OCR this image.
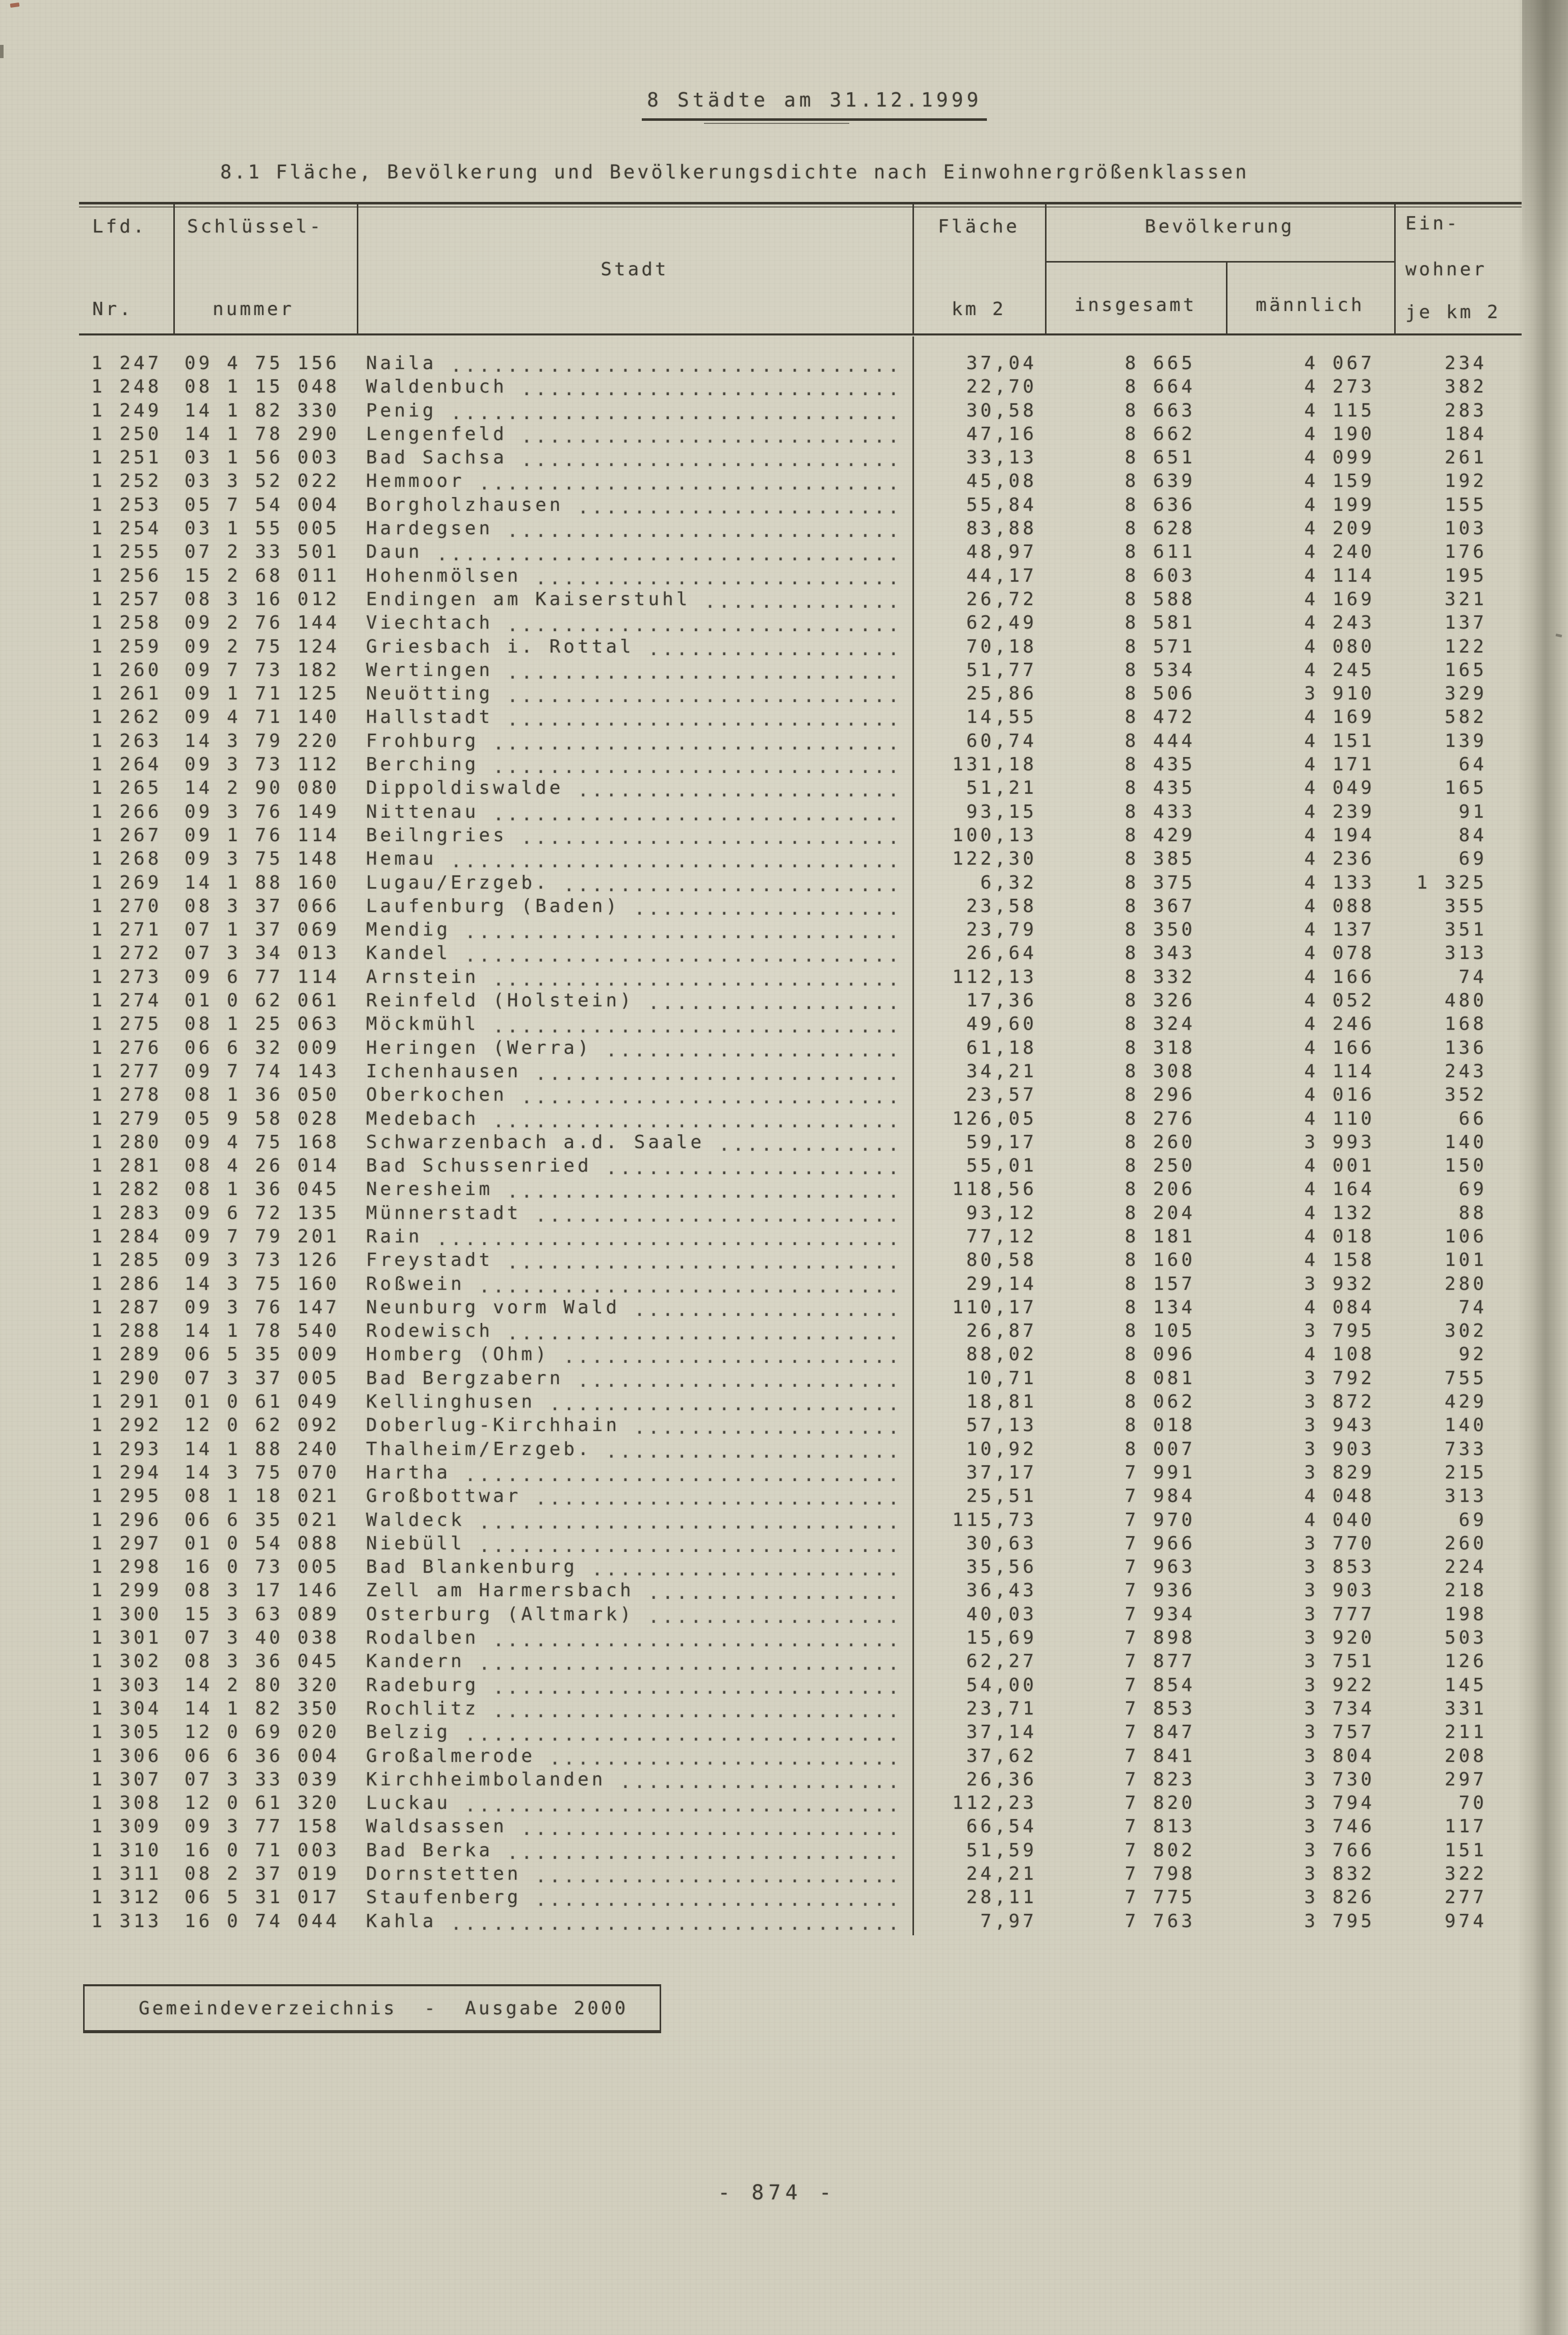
8 Städte am 31.12.1999

8.1 Fläche, Bevölkerung und Bevölkerungsdichte nach Einwohnergrößenklassen
Lfd.
Nr.
Schlüssel-
nummer
Stadt
Fläche
km 2
Bevölkerung
insgesamt	männlich
Ein-
wohner
je km 2
1 247	09 4 75 156	Naila ................................	37,04	8 665	4 067	234
1 248	08 1 15 048	Waldenbuch ...........................	22,70	8 664	4 273	382
1 249	14 1 82 330	Penig ................................	30,58	8 663	4 115	283
1 250	14 1 78 290	Lengenfeld ...........................	47,16	8 662	4 190	184
1 251	03 1 56 003	Bad Sachsa ...........................	33,13	8 651	4 099	261
1 252	03 3 52 022	Hemmoor ..............................	45,08	8 639	4 159	192
1 253	05 7 54 004	Borgholzhausen .......................	55,84	8 636	4 199	155
1 254	03 1 55 005	Hardegsen ............................	83,88	8 628	4 209	103
1 255	07 2 33 501	Daun .................................	48,97	8 611	4 240	176
1 256	15 2 68 011	Hohenmölsen ..........................	44,17	8 603	4 114	195
1 257	08 3 16 012	Endingen am Kaiserstuhl ..............	26,72	8 588	4 169	321
1 258	09 2 76 144	Viechtach ............................	62,49	8 581	4 243	137
1 259	09 2 75 124	Griesbach i. Rottal ..................	70,18	8 571	4 080	122
1 260	09 7 73 182	Wertingen ............................	51,77	8 534	4 245	165
1 261	09 1 71 125	Neuötting ............................	25,86	8 506	3 910	329
1 262	09 4 71 140	Hallstadt ............................	14,55	8 472	4 169	582
1 263	14 3 79 220	Frohburg .............................	60,74	8 444	4 151	139
1 264	09 3 73 112	Berching .............................	131,18	8 435	4 171	64
1 265	14 2 90 080	Dippoldiswalde .......................	51,21	8 435	4 049	165
1 266	09 3 76 149	Nittenau .............................	93,15	8 433	4 239	91
1 267	09 1 76 114	Beilngries ...........................	100,13	8 429	4 194	84
1 268	09 3 75 148	Hemau ................................	122,30	8 385	4 236	69
1 269	14 1 88 160	Lugau/Erzgeb. ........................	6,32	8 375	4 133	1 325
1 270	08 3 37 066	Laufenburg (Baden) ...................	23,58	8 367	4 088	355
1 271	07 1 37 069	Mendig ...............................	23,79	8 350	4 137	351
1 272	07 3 34 013	Kandel ...............................	26,64	8 343	4 078	313
1 273	09 6 77 114	Arnstein .............................	112,13	8 332	4 166	74
1 274	01 0 62 061	Reinfeld (Holstein) ..................	17,36	8 326	4 052	480
1 275	08 1 25 063	Möckmühl .............................	49,60	8 324	4 246	168
1 276	06 6 32 009	Heringen (Werra) .....................	61,18	8 318	4 166	136
1 277	09 7 74 143	Ichenhausen ..........................	34,21	8 308	4 114	243
1 278	08 1 36 050	Oberkochen ...........................	23,57	8 296	4 016	352
1 279	05 9 58 028	Medebach .............................	126,05	8 276	4 110	66
1 280	09 4 75 168	Schwarzenbach a.d. Saale .............	59,17	8 260	3 993	140
1 281	08 4 26 014	Bad Schussenried .....................	55,01	8 250	4 001	150
1 282	08 1 36 045	Neresheim ............................	118,56	8 206	4 164	69
1 283	09 6 72 135	Münnerstadt ..........................	93,12	8 204	4 132	88
1 284	09 7 79 201	Rain .................................	77,12	8 181	4 018	106
1 285	09 3 73 126	Freystadt ............................	80,58	8 160	4 158	101
1 286	14 3 75 160	Roßwein ..............................	29,14	8 157	3 932	280
1 287	09 3 76 147	Neunburg vorm Wald ...................	110,17	8 134	4 084	74
1 288	14 1 78 540	Rodewisch ............................	26,87	8 105	3 795	302
1 289	06 5 35 009	Homberg (Ohm) ........................	88,02	8 096	4 108	92
1 290	07 3 37 005	Bad Bergzabern .......................	10,71	8 081	3 792	755
1 291	01 0 61 049	Kellinghusen .........................	18,81	8 062	3 872	429
1 292	12 0 62 092	Doberlug-Kirchhain ...................	57,13	8 018	3 943	140
1 293	14 1 88 240	Thalheim/Erzgeb. .....................	10,92	8 007	3 903	733
1 294	14 3 75 070	Hartha ...............................	37,17	7 991	3 829	215
1 295	08 1 18 021	Großbottwar ..........................	25,51	7 984	4 048	313
1 296	06 6 35 021	Waldeck ..............................	115,73	7 970	4 040	69
1 297	01 0 54 088	Niebüll ..............................	30,63	7 966	3 770	260
1 298	16 0 73 005	Bad Blankenburg ......................	35,56	7 963	3 853	224
1 299	08 3 17 146	Zell am Harmersbach ..................	36,43	7 936	3 903	218
1 300	15 3 63 089	Osterburg (Altmark) ..................	40,03	7 934	3 777	198
1 301	07 3 40 038	Rodalben .............................	15,69	7 898	3 920	503
1 302	08 3 36 045	Kandern ..............................	62,27	7 877	3 751	126
1 303	14 2 80 320	Radeburg .............................	54,00	7 854	3 922	145
1 304	14 1 82 350	Rochlitz .............................	23,71	7 853	3 734	331
1 305	12 0 69 020	Belzig ...............................	37,14	7 847	3 757	211
1 306	06 6 36 004	Großalmerode .........................	37,62	7 841	3 804	208
1 307	07 3 33 039	Kirchheimbolanden ....................	26,36	7 823	3 730	297
1 308	12 0 61 320	Luckau ...............................	112,23	7 820	3 794	70
1 309	09 3 77 158	Waldsassen ...........................	66,54	7 813	3 746	117
1 310	16 0 71 003	Bad Berka ............................	51,59	7 802	3 766	151
1 311	08 2 37 019	Dornstetten ..........................	24,21	7 798	3 832	322
1 312	06 5 31 017	Staufenberg ..........................	28,11	7 775	3 826	277
1 313	16 0 74 044	Kahla ................................	7,97	7 763	3 795	974
Gemeindeverzeichnis  -  Ausgabe 2000
- 874 -
